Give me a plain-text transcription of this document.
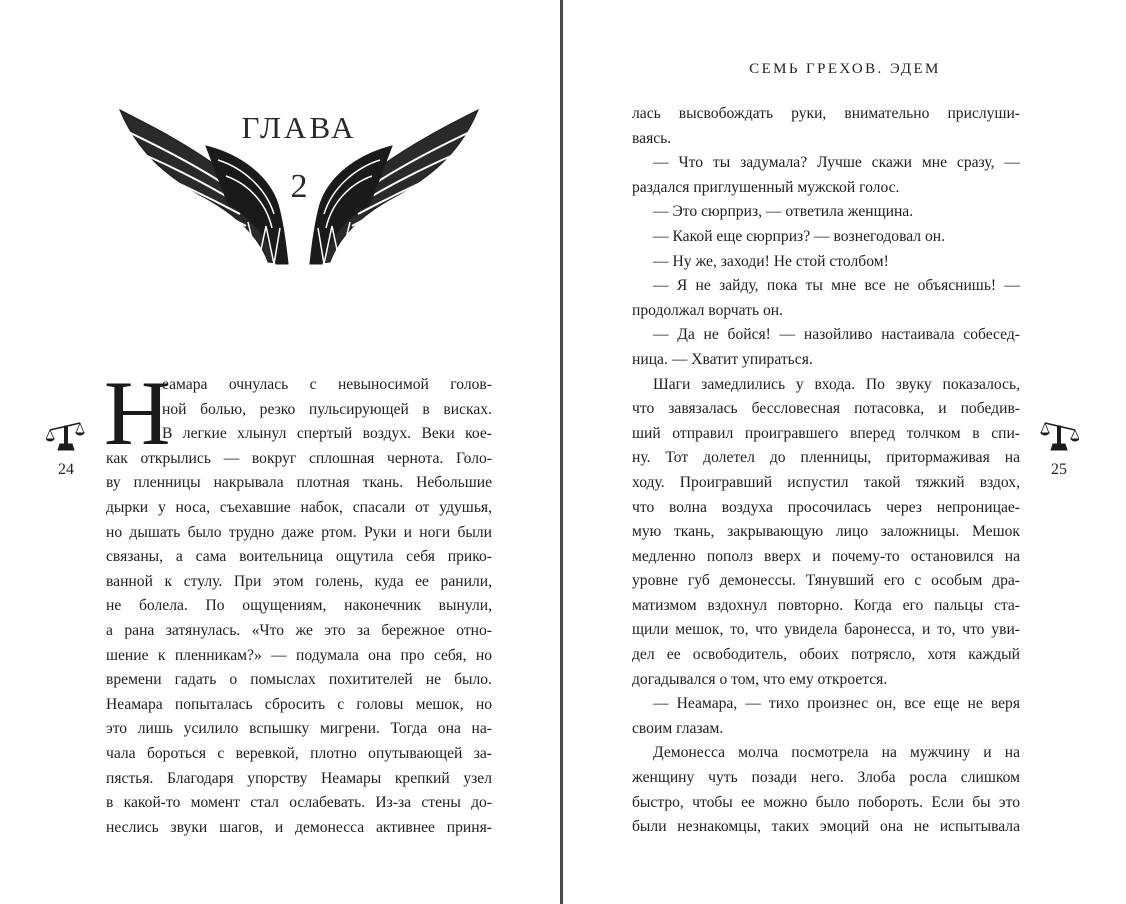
ГЛАВА
2
Н
еамара очнулась с невыносимой голов-
ной болью, резко пульсирующей в висках.
В легкие хлынул спертый воздух. Веки кое-
как открылись — вокруг сплошная чернота. Голо-
ву пленницы накрывала плотная ткань. Небольшие
дырки у носа, съехавшие набок, спасали от удушья,
но дышать было трудно даже ртом. Руки и ноги были
связаны, а сама воительница ощутила себя прико-
ванной к стулу. При этом голень, куда ее ранили,
не болела. По ощущениям, наконечник вынули,
а рана затянулась. «Что же это за бережное отно-
шение к пленникам?» — подумала она про себя, но
времени гадать о помыслах похитителей не было.
Неамара попыталась сбросить с головы мешок, но
это лишь усилило вспышку мигрени. Тогда она на-
чала бороться с веревкой, плотно опутывающей за-
пястья. Благодаря упорству Неамары крепкий узел
в какой-то момент стал ослабевать. Из-за стены до-
неслись звуки шагов, и демонесса активнее приня-
24
СЕМЬ ГРЕХОВ. ЭДЕМ
лась высвобождать руки, внимательно прислуши-
ваясь.
— Что ты задумала? Лучше скажи мне сразу, —
раздался приглушенный мужской голос.
— Это сюрприз, — ответила женщина.
— Какой еще сюрприз? — вознегодовал он.
— Ну же, заходи! Не стой столбом!
— Я не зайду, пока ты мне все не объяснишь! —
продолжал ворчать он.
— Да не бойся! — назойливо настаивала собесед-
ница. — Хватит упираться.
Шаги замедлились у входа. По звуку показалось,
что завязалась бессловесная потасовка, и победив-
ший отправил проигравшего вперед толчком в спи-
ну. Тот долетел до пленницы, притормаживая на
ходу. Проигравший испустил такой тяжкий вздох,
что волна воздуха просочилась через непроницае-
мую ткань, закрывающую лицо заложницы. Мешок
медленно пополз вверх и почему-то остановился на
уровне губ демонессы. Тянувший его с особым дра-
матизмом вздохнул повторно. Когда его пальцы ста-
щили мешок, то, что увидела баронесса, и то, что уви-
дел ее освободитель, обоих потрясло, хотя каждый
догадывался о том, что ему откроется.
— Неамара, — тихо произнес он, все еще не веря
своим глазам.
Демонесса молча посмотрела на мужчину и на
женщину чуть позади него. Злоба росла слишком
быстро, чтобы ее можно было побороть. Если бы это
были незнакомцы, таких эмоций она не испытывала
25
